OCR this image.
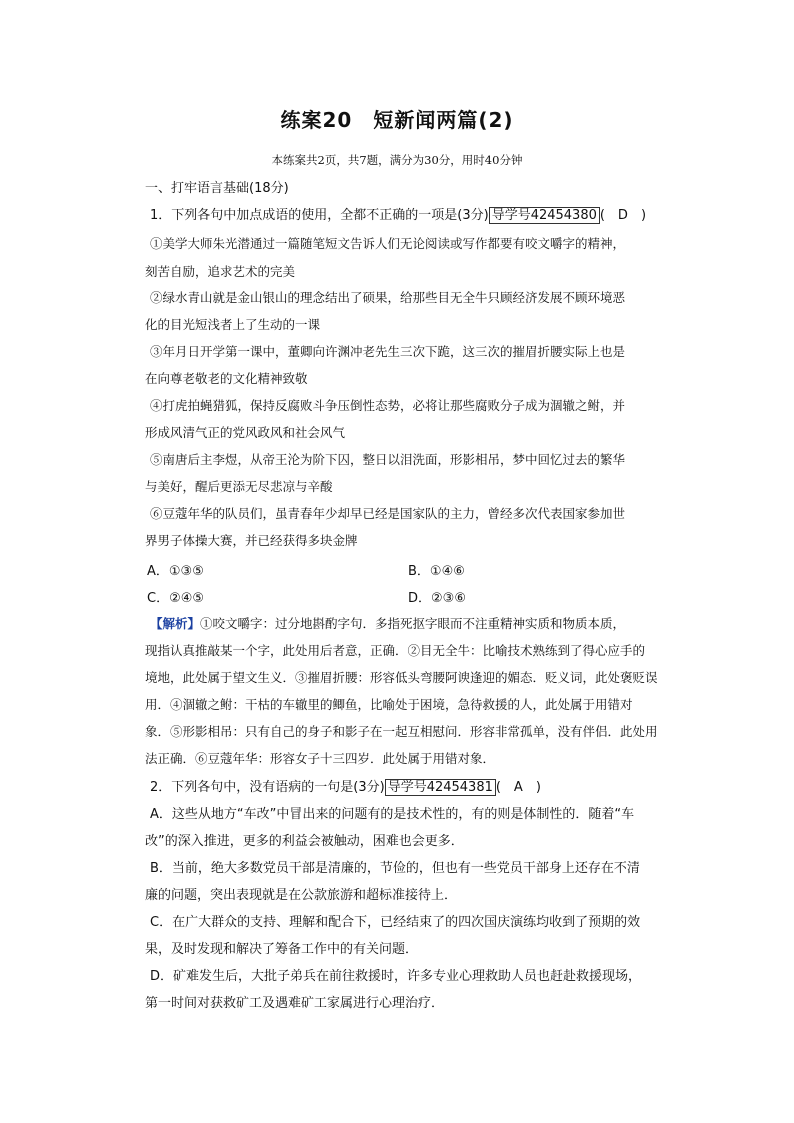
练案20　短新闻两篇(2)
本练案共2页，共7题，满分为30分，用时40分钟
一、打牢语言基础(18分)
1．下列各句中加点成语的使用，全都不正确的一项是(3分) 导学号42454380 (　D　)
①美学大师朱光潜通过一篇随笔短文告诉人们无论阅读或写作都要有咬文嚼字的精神，
刻苦自励，追求艺术的完美
②绿水青山就是金山银山的理念结出了硕果，给那些目无全牛只顾经济发展不顾环境恶
化的目光短浅者上了生动的一课
③年月日开学第一课中，董卿向许渊冲老先生三次下跪，这三次的摧眉折腰实际上也是
在向尊老敬老的文化精神致敬
④打虎拍蝇猎狐，保持反腐败斗争压倒性态势，必将让那些腐败分子成为涸辙之鲋，并
形成风清气正的党风政风和社会风气
⑤南唐后主李煜，从帝王沦为阶下囚，整日以泪洗面，形影相吊，梦中回忆过去的繁华
与美好，醒后更添无尽悲凉与辛酸
⑥豆蔻年华的队员们，虽青春年少却早已经是国家队的主力，曾经多次代表国家参加世
界男子体操大赛，并已经获得多块金牌
A．①③⑤	B．①④⑥
C．②④⑤	D．②③⑥
【解析】①咬文嚼字：过分地斟酌字句．多指死抠字眼而不注重精神实质和物质本质，
现指认真推敲某一个字，此处用后者意，正确．②目无全牛：比喻技术熟练到了得心应手的
境地，此处属于望文生义．③摧眉折腰：形容低头弯腰阿谀逢迎的媚态．贬义词，此处褒贬误
用．④涸辙之鲋：干枯的车辙里的鲫鱼，比喻处于困境，急待救援的人，此处属于用错对
象．⑤形影相吊：只有自己的身子和影子在一起互相慰问．形容非常孤单，没有伴侣．此处用
法正确．⑥豆蔻年华：形容女子十三四岁．此处属于用错对象．
2．下列各句中，没有语病的一句是(3分) 导学号42454381 (　A　)
A．这些从地方“车改”中冒出来的问题有的是技术性的，有的则是体制性的．随着“车
改”的深入推进，更多的利益会被触动，困难也会更多．
B．当前，绝大多数党员干部是清廉的，节俭的，但也有一些党员干部身上还存在不清
廉的问题，突出表现就是在公款旅游和超标准接待上．
C．在广大群众的支持、理解和配合下，已经结束了的四次国庆演练均收到了预期的效
果，及时发现和解决了筹备工作中的有关问题．
D．矿难发生后，大批子弟兵在前往救援时，许多专业心理救助人员也赶赴救援现场，
第一时间对获救矿工及遇难矿工家属进行心理治疗．
